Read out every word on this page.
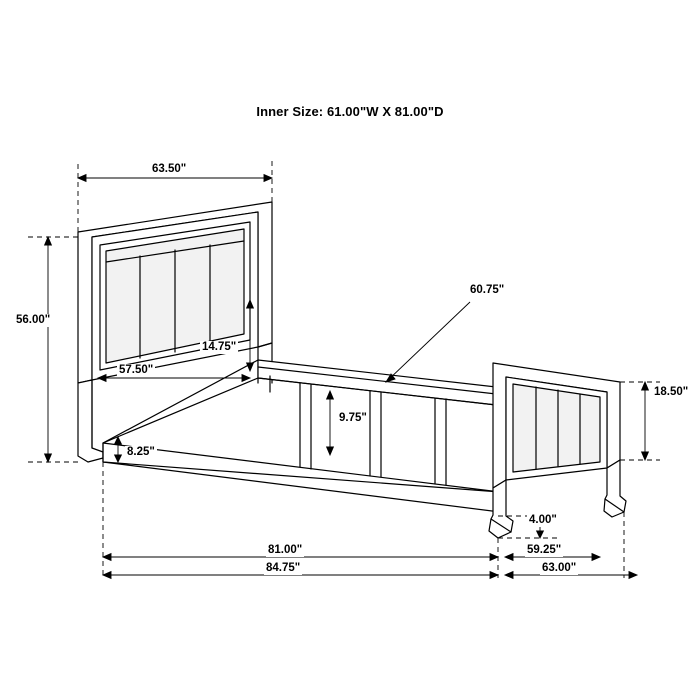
Inner Size: 61.00"W X 81.00"D
63.50"
56.00"
57.50"
14.75"
60.75"
18.50"
9.75"
8.25"
4.00"
81.00"
84.75"
59.25"
63.00"
